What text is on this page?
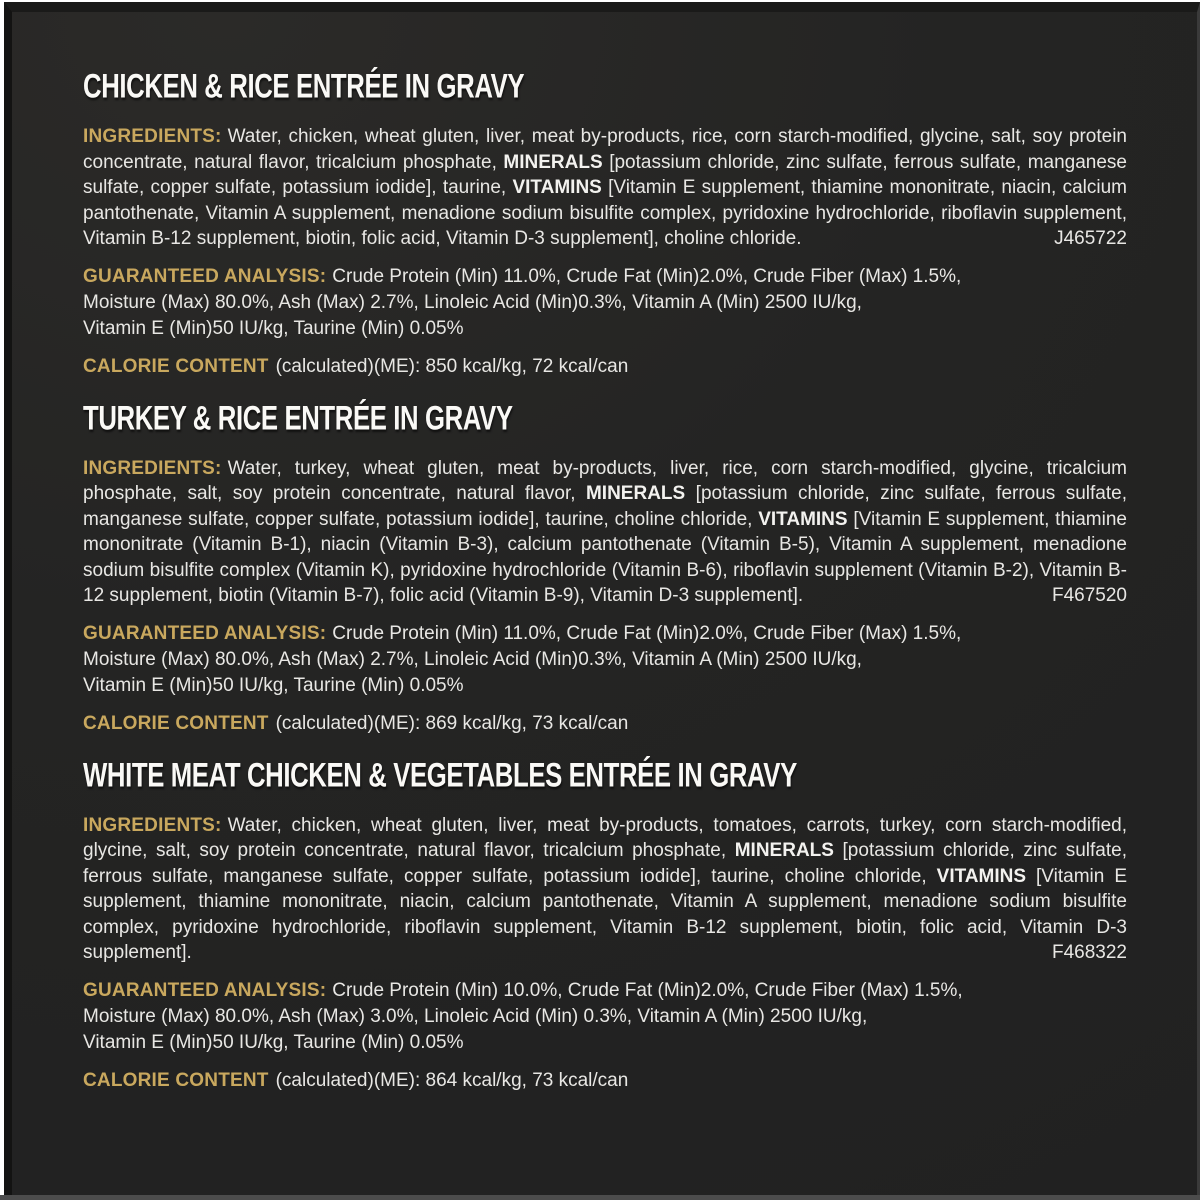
CHICKEN & RICE ENTRÉE IN GRAVY

INGREDIENTS: Water, chicken, wheat gluten, liver, meat by-products, rice, corn starch-modified, glycine, salt, soy protein concentrate, natural flavor, tricalcium phosphate, MINERALS [potassium chloride, zinc sulfate, ferrous sulfate, manganese sulfate, copper sulfate, potassium iodide], taurine, VITAMINS [Vitamin E supplement, thiamine mononitrate, niacin, calcium pantothenate, Vitamin A supplement, menadione sodium bisulfite complex, pyridoxine hydrochloride, riboflavin supplement, Vitamin B-12 supplement, biotin, folic acid, Vitamin D-3 supplement], choline chloride.	J465722

GUARANTEED ANALYSIS: Crude Protein (Min) 11.0%, Crude Fat (Min)2.0%, Crude Fiber (Max) 1.5%,
Moisture (Max) 80.0%, Ash (Max) 2.7%, Linoleic Acid (Min)0.3%, Vitamin A (Min) 2500 IU/kg,
Vitamin E (Min)50 IU/kg, Taurine (Min) 0.05%
CALORIE CONTENT (calculated)(ME): 850 kcal/kg, 72 kcal/can
TURKEY & RICE ENTRÉE IN GRAVY

INGREDIENTS: Water, turkey, wheat gluten, meat by-products, liver, rice, corn starch-modified, glycine, tricalcium phosphate, salt, soy protein concentrate, natural flavor, MINERALS [potassium chloride, zinc sulfate, ferrous sulfate, manganese sulfate, copper sulfate, potassium iodide], taurine, choline chloride, VITAMINS [Vitamin E supplement, thiamine mononitrate (Vitamin B-1), niacin (Vitamin B-3), calcium pantothenate (Vitamin B-5), Vitamin A supplement, menadione sodium bisulfite complex (Vitamin K), pyridoxine hydrochloride (Vitamin B-6), riboflavin supplement (Vitamin B-2), Vitamin B-12 supplement, biotin (Vitamin B-7), folic acid (Vitamin B-9), Vitamin D-3 supplement].	F467520

GUARANTEED ANALYSIS: Crude Protein (Min) 11.0%, Crude Fat (Min)2.0%, Crude Fiber (Max) 1.5%,
Moisture (Max) 80.0%, Ash (Max) 2.7%, Linoleic Acid (Min)0.3%, Vitamin A (Min) 2500 IU/kg,
Vitamin E (Min)50 IU/kg, Taurine (Min) 0.05%
CALORIE CONTENT (calculated)(ME): 869 kcal/kg, 73 kcal/can
WHITE MEAT CHICKEN & VEGETABLES ENTRÉE IN GRAVY

INGREDIENTS: Water, chicken, wheat gluten, liver, meat by-products, tomatoes, carrots, turkey, corn starch-modified, glycine, salt, soy protein concentrate, natural flavor, tricalcium phosphate, MINERALS [potassium chloride, zinc sulfate, ferrous sulfate, manganese sulfate, copper sulfate, potassium iodide], taurine, choline chloride, VITAMINS [Vitamin E supplement, thiamine mononitrate, niacin, calcium pantothenate, Vitamin A supplement, menadione sodium bisulfite complex, pyridoxine hydrochloride, riboflavin supplement, Vitamin B-12 supplement, biotin, folic acid, Vitamin D-3 supplement].	F468322

GUARANTEED ANALYSIS: Crude Protein (Min) 10.0%, Crude Fat (Min)2.0%, Crude Fiber (Max) 1.5%,
Moisture (Max) 80.0%, Ash (Max) 3.0%, Linoleic Acid (Min) 0.3%, Vitamin A (Min) 2500 IU/kg,
Vitamin E (Min)50 IU/kg, Taurine (Min) 0.05%
CALORIE CONTENT (calculated)(ME): 864 kcal/kg, 73 kcal/can
